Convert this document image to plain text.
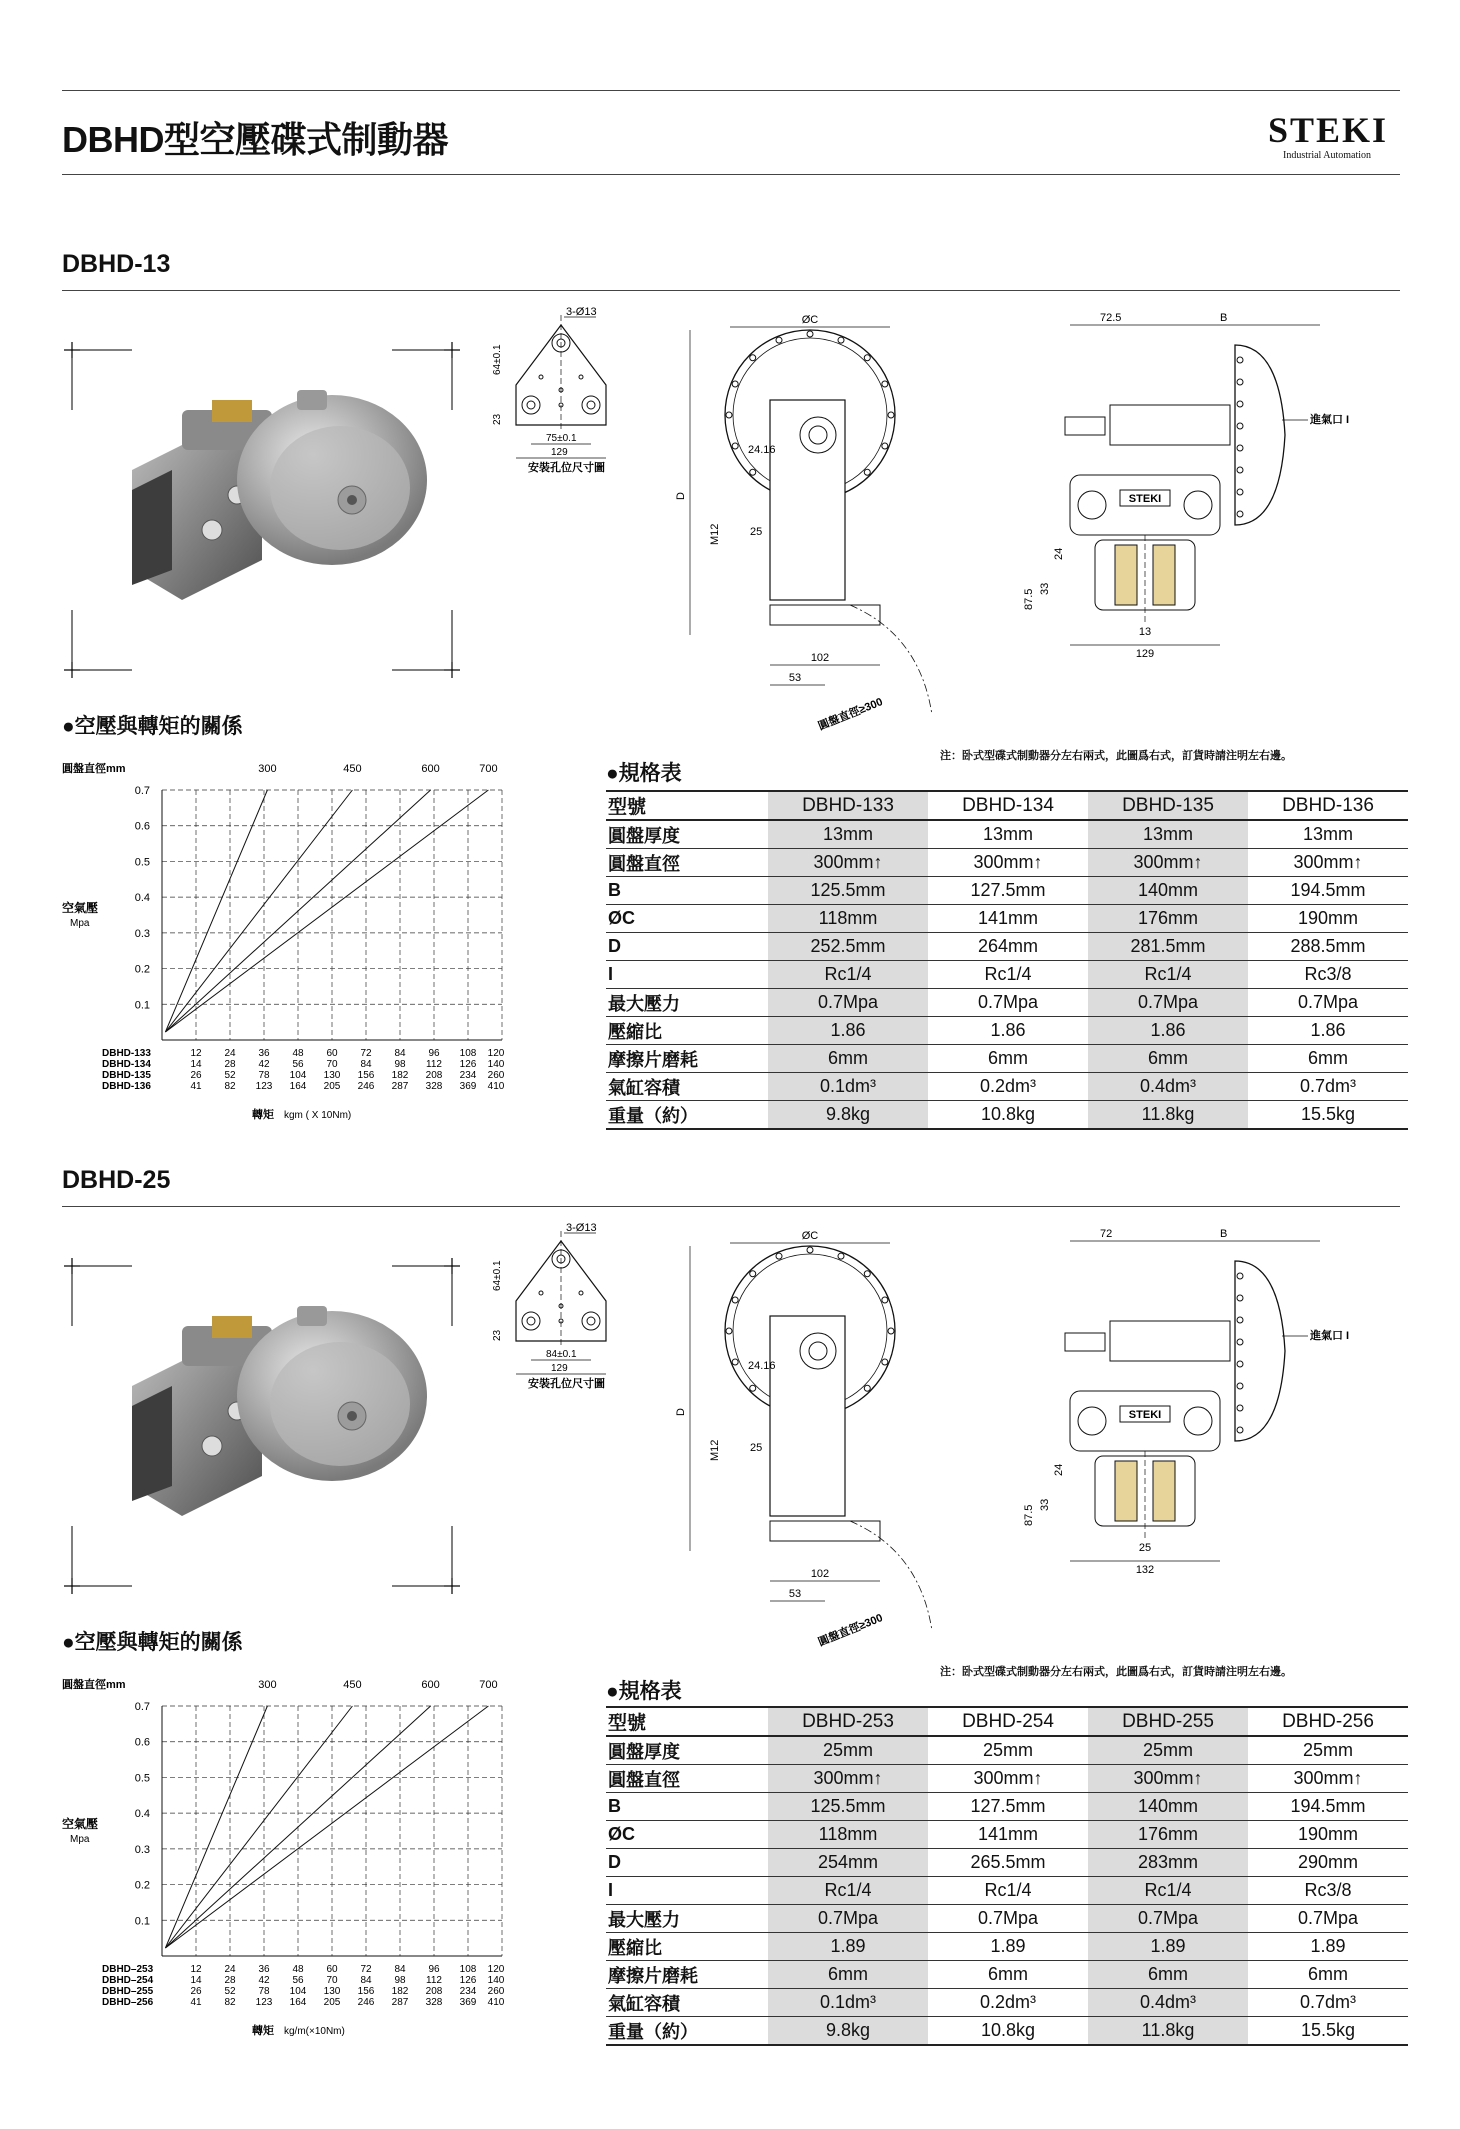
DBHD型空壓碟式制動器	STEKI
Industrial Automation
DBHD-13
3-Ø13
64±0.1
23
75±0.1
129
安裝孔位尺寸圖
ØC
D
M12
24.16
25
102
53
圓盤直徑≥300
72.5	B
STEKI
進氣口 I
87.5 33
24
13
129
注：卧式型碟式制動器分左右兩式，此圖爲右式，訂貨時請注明左右邊。
●空壓與轉矩的關係
0.7
0.6
0.5
0.4
0.3
0.2
0.1
300	450	600	700
圓盤直徑mm
空氣壓
Mpa
DBHD-133	12 24 36 48 60 72 84 96 108 120
DBHD-134	14 28 42 56 70 84 98 112 126 140
DBHD-135	26 52 78 104 130 156 182 208 234 260
DBHD-136	41 82 123 164 205 246 287 328 369 410
轉矩 kgm ( X 10Nm)
●規格表
型號	DBHD-133	DBHD-134	DBHD-135	DBHD-136
圓盤厚度	13mm	13mm	13mm	13mm
圓盤直徑	300mm↑	300mm↑	300mm↑	300mm↑
B	125.5mm	127.5mm	140mm	194.5mm
ØC	118mm	141mm	176mm	190mm
D	252.5mm	264mm	281.5mm	288.5mm
I	Rc1/4	Rc1/4	Rc1/4	Rc3/8
最大壓力	0.7Mpa	0.7Mpa	0.7Mpa	0.7Mpa
壓縮比	1.86	1.86	1.86	1.86
摩擦片磨耗	6mm	6mm	6mm	6mm
氣缸容積	0.1dm³	0.2dm³	0.4dm³	0.7dm³
重量（約）	9.8kg	10.8kg	11.8kg	15.5kg
DBHD-25
3-Ø13
64±0.1
23
84±0.1
129
安裝孔位尺寸圖
ØC
D
M12
24.16
25
102
53
圓盤直徑≥300
72	B
STEKI
進氣口 I
87.5 33
24
25
132
注：卧式型碟式制動器分左右兩式，此圖爲右式，訂貨時請注明左右邊。
●空壓與轉矩的關係
0.7
0.6
0.5
0.4
0.3
0.2
0.1
300	450	600	700
圓盤直徑mm
空氣壓
Mpa
DBHD–253	12 24 36 48 60 72 84 96 108 120
DBHD–254	14 28 42 56 70 84 98 112 126 140
DBHD–255	26 52 78 104 130 156 182 208 234 260
DBHD–256	41 82 123 164 205 246 287 328 369 410
轉矩 kg/m(×10Nm)
●規格表
型號	DBHD-253	DBHD-254	DBHD-255	DBHD-256
圓盤厚度	25mm	25mm	25mm	25mm
圓盤直徑	300mm↑	300mm↑	300mm↑	300mm↑
B	125.5mm	127.5mm	140mm	194.5mm
ØC	118mm	141mm	176mm	190mm
D	254mm	265.5mm	283mm	290mm
I	Rc1/4	Rc1/4	Rc1/4	Rc3/8
最大壓力	0.7Mpa	0.7Mpa	0.7Mpa	0.7Mpa
壓縮比	1.89	1.89	1.89	1.89
摩擦片磨耗	6mm	6mm	6mm	6mm
氣缸容積	0.1dm³	0.2dm³	0.4dm³	0.7dm³
重量（約）	9.8kg	10.8kg	11.8kg	15.5kg
